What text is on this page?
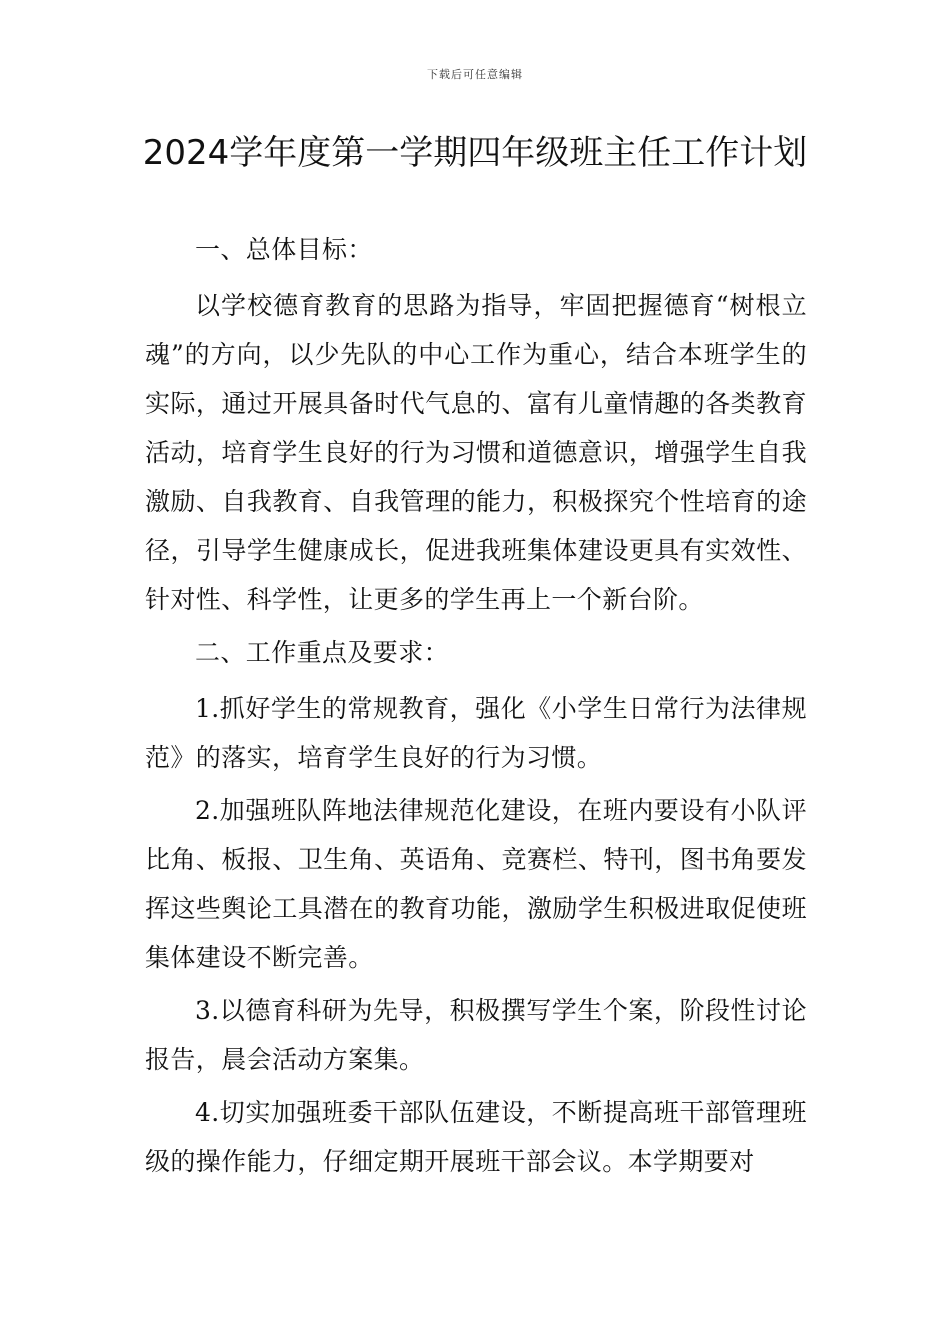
下载后可任意编辑
2024学年度第一学期四年级班主任工作计划

一、总体目标：

以学校德育教育的思路为指导，牢固把握德育“树根立魂”的方向，以少先队的中心工作为重心，结合本班学生的实际，通过开展具备时代气息的、富有儿童情趣的各类教育活动，培育学生良好的行为习惯和道德意识，增强学生自我激励、自我教育、自我管理的能力，积极探究个性培育的途径，引导学生健康成长，促进我班集体建设更具有实效性、针对性、科学性，让更多的学生再上一个新台阶。

二、工作重点及要求：

1.抓好学生的常规教育，强化《小学生日常行为法律规范》的落实，培育学生良好的行为习惯。

2.加强班队阵地法律规范化建设，在班内要设有小队评比角、板报、卫生角、英语角、竞赛栏、特刊，图书角要发挥这些舆论工具潜在的教育功能，激励学生积极进取促使班集体建设不断完善。

3.以德育科研为先导，积极撰写学生个案，阶段性讨论报告，晨会活动方案集。

4.切实加强班委干部队伍建设，不断提高班干部管理班级的操作能力，仔细定期开展班干部会议。本学期要对
